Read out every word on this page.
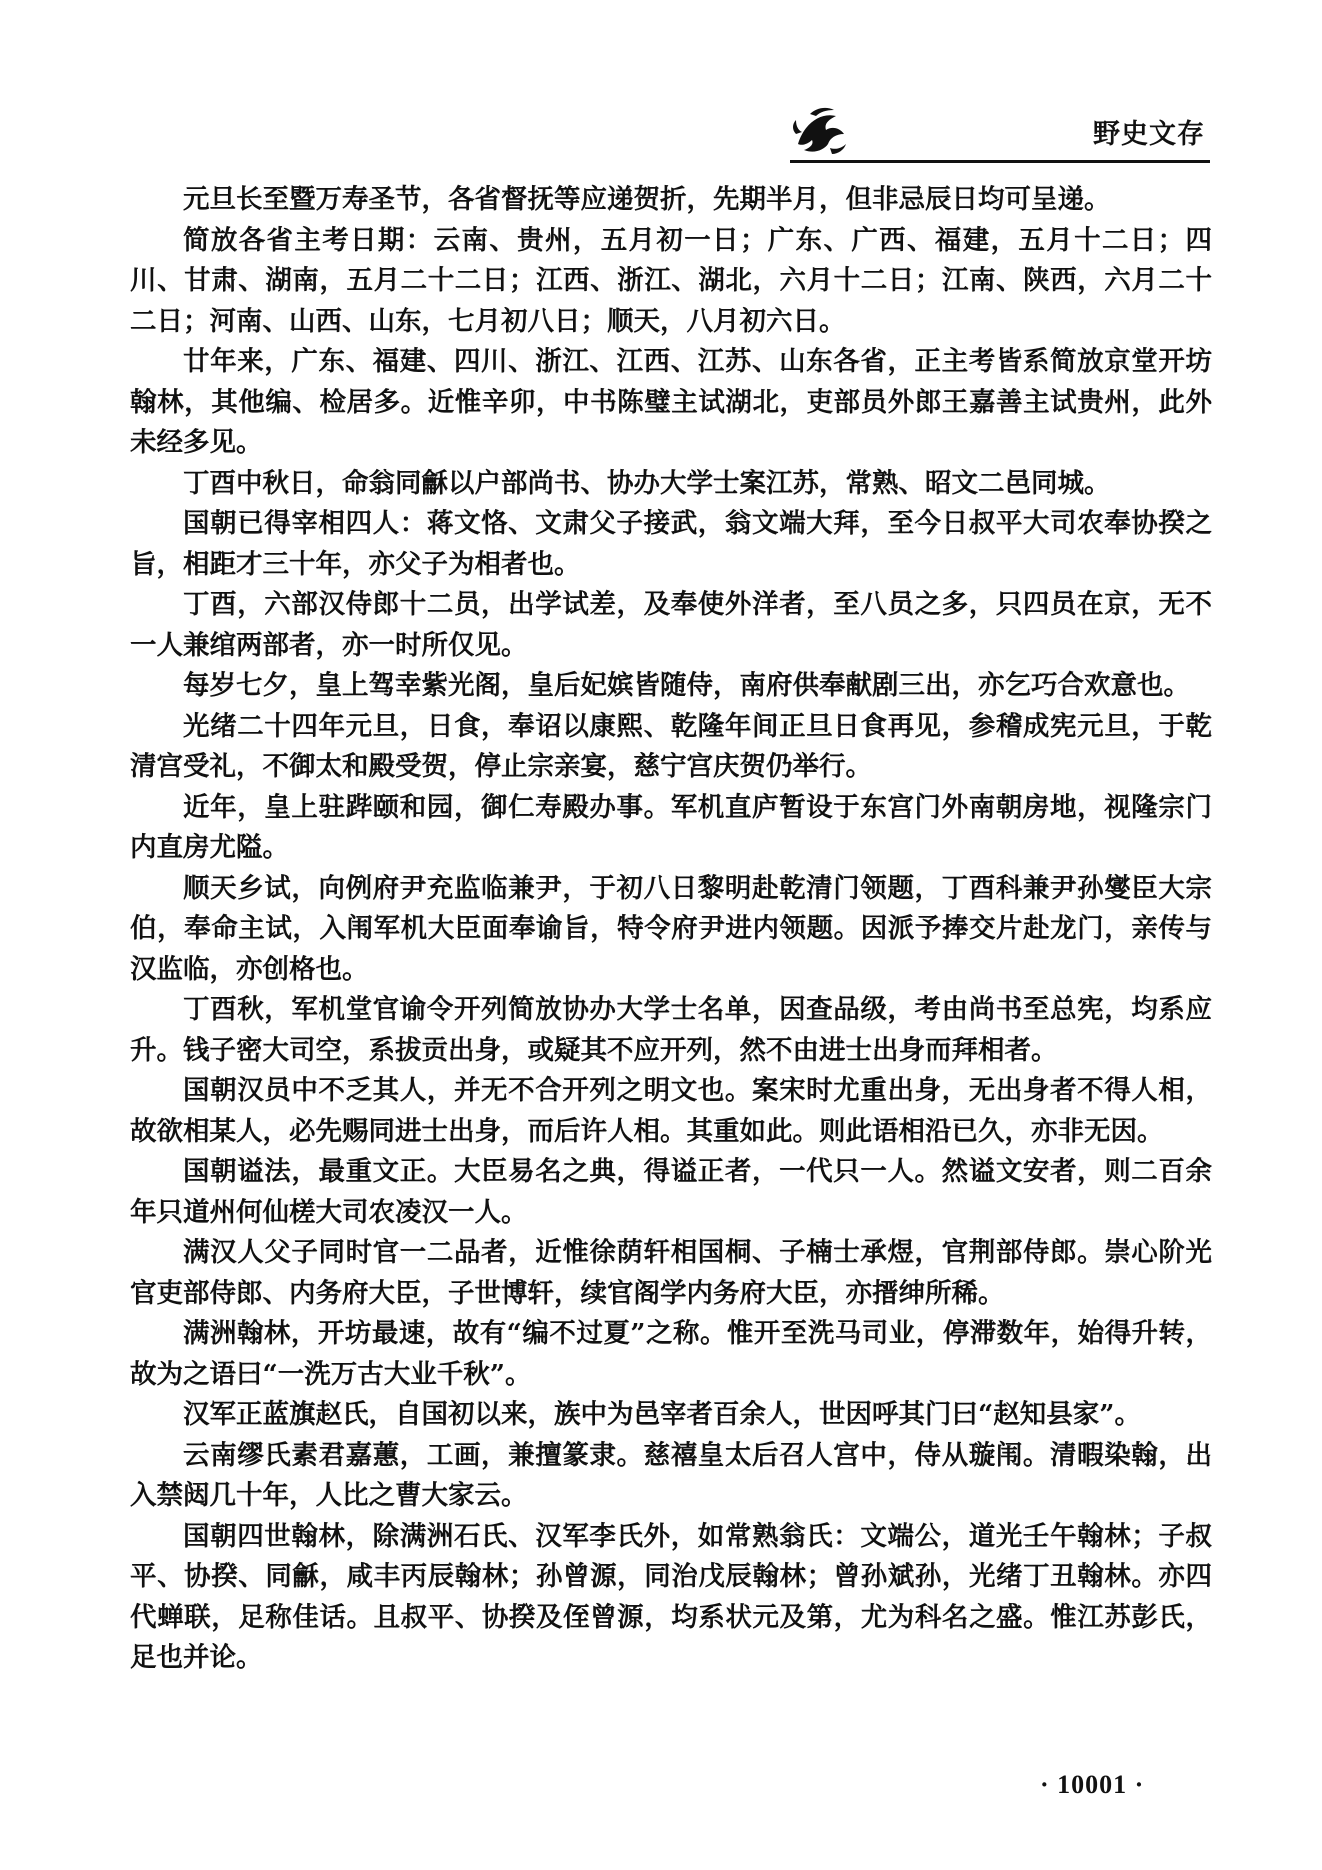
野史文存

元旦长至暨万寿圣节，各省督抚等应递贺折，先期半月，但非忌辰日均可呈递。

简放各省主考日期：云南、贵州，五月初一日；广东、广西、福建，五月十二日；四川、甘肃、湖南，五月二十二日；江西、浙江、湖北，六月十二日；江南、陕西，六月二十二日；河南、山西、山东，七月初八日；顺天，八月初六日。

廿年来，广东、福建、四川、浙江、江西、江苏、山东各省，正主考皆系简放京堂开坊翰林，其他编、检居多。近惟辛卯，中书陈璧主试湖北，吏部员外郎王嘉善主试贵州，此外未经多见。

丁酉中秋日，命翁同龢以户部尚书、协办大学士案江苏，常熟、昭文二邑同城。

国朝已得宰相四人：蒋文恪、文肃父子接武，翁文端大拜，至今日叔平大司农奉协揆之旨，相距才三十年，亦父子为相者也。

丁酉，六部汉侍郎十二员，出学试差，及奉使外洋者，至八员之多，只四员在京，无不一人兼绾两部者，亦一时所仅见。

每岁七夕，皇上驾幸紫光阁，皇后妃嫔皆随侍，南府供奉献剧三出，亦乞巧合欢意也。

光绪二十四年元旦，日食，奉诏以康熙、乾隆年间正旦日食再见，参稽成宪元旦，于乾清宫受礼，不御太和殿受贺，停止宗亲宴，慈宁宫庆贺仍举行。

近年，皇上驻跸颐和园，御仁寿殿办事。军机直庐暂设于东宫门外南朝房地，视隆宗门内直房尤隘。

顺天乡试，向例府尹充监临兼尹，于初八日黎明赴乾清门领题，丁酉科兼尹孙燮臣大宗伯，奉命主试，入闱军机大臣面奉谕旨，特令府尹进内领题。因派予捧交片赴龙门，亲传与汉监临，亦创格也。

丁酉秋，军机堂官谕令开列简放协办大学士名单，因查品级，考由尚书至总宪，均系应升。钱子密大司空，系拔贡出身，或疑其不应开列，然不由进士出身而拜相者。

国朝汉员中不乏其人，并无不合开列之明文也。案宋时尤重出身，无出身者不得人相，故欲相某人，必先赐同进士出身，而后许人相。其重如此。则此语相沿已久，亦非无因。

国朝谥法，最重文正。大臣易名之典，得谥正者，一代只一人。然谥文安者，则二百余年只道州何仙槎大司农凌汉一人。

满汉人父子同时官一二品者，近惟徐荫轩相国桐、子楠士承煜，官荆部侍郎。崇心阶光官吏部侍郎、内务府大臣，子世博轩，续官阁学内务府大臣，亦搢绅所稀。

满洲翰林，开坊最速，故有“编不过夏”之称。惟开至洗马司业，停滞数年，始得升转，故为之语曰“一洗万古大业千秋”。

汉军正蓝旗赵氏，自国初以来，族中为邑宰者百余人，世因呼其门曰“赵知县家”。

云南缪氏素君嘉蕙，工画，兼擅篆隶。慈禧皇太后召人宫中，侍从璇闱。清暇染翰，出入禁闼几十年，人比之曹大家云。

国朝四世翰林，除满洲石氏、汉军李氏外，如常熟翁氏：文端公，道光壬午翰林；子叔平、协揆、同龢，咸丰丙辰翰林；孙曾源，同治戊辰翰林；曾孙斌孙，光绪丁丑翰林。亦四代蝉联，足称佳话。且叔平、协揆及侄曾源，均系状元及第，尤为科名之盛。惟江苏彭氏，足也并论。

· 10001 ·
